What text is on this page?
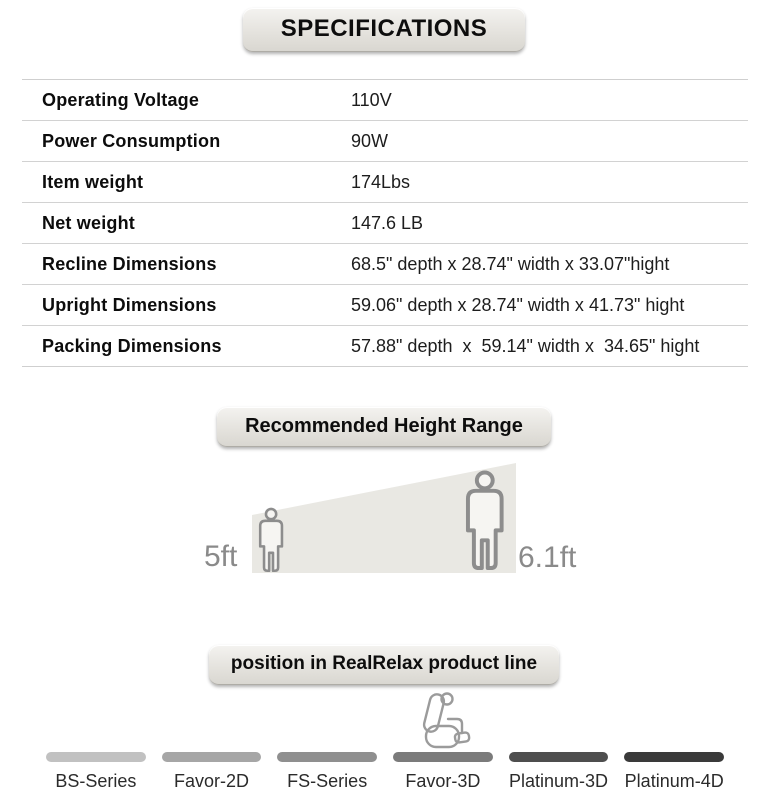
SPECIFICATIONS
Operating Voltage	110V
Power Consumption	90W
Item weight	174Lbs
Net weight	147.6 LB
Recline Dimensions	68.5" depth x 28.74" width x 33.07"hight
Upright Dimensions	59.06" depth x 28.74" width x 41.73" hight
Packing Dimensions	57.88" depth  x  59.14" width x  34.65" hight
Recommended Height Range
5ft	6.1ft
position in RealRelax product line
BS-Series	Favor-2D	FS-Series	Favor-3D	Platinum-3D Platinum-4D
